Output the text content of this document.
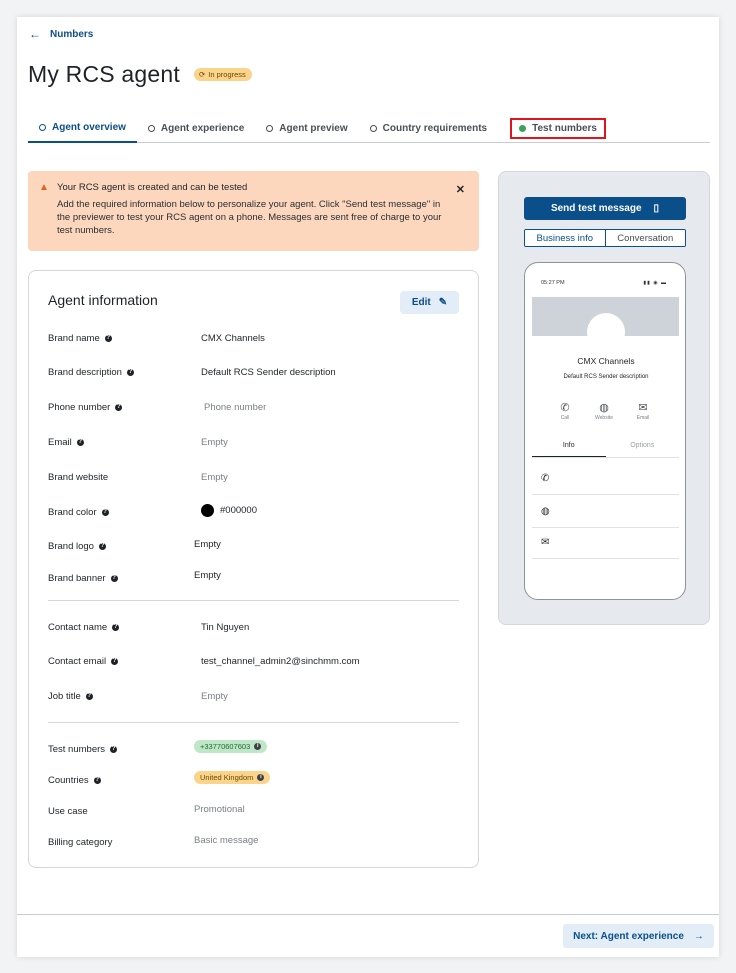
← Numbers
My RCS agent	⟳ In progress
Agent overview	Agent experience	Agent preview	Country requirements	Test numbers
▲ Your RCS agent is created and can be tested
Add the required information below to personalize your agent. Click "Send test message" in the previewer to test your RCS agent on a phone. Messages are sent free of charge to your test numbers.
✕
Agent information	Edit ✎
Brand name ?	CMX Channels
Brand description ?	Default RCS Sender description
Phone number ?	Phone number
Email ?	Empty
Brand website	Empty
Brand color ?	#000000
Brand logo ?	Empty
Brand banner ?	Empty
Contact name ?	Tin Nguyen
Contact email ?	test_channel_admin2@sinchmm.com
Job title ?	Empty
Test numbers ?	+33770607603	i
Countries ?	United Kingdom	i
Use case	Promotional
Billing category	Basic message
Send test message ▯
Business info	Conversation
05:27 PM	▮▮ ◉ ▬
CMX Channels
Default RCS Sender description
✆
Call
◍
Website
✉
Email
Info	Options
✆
◍
✉
Next: Agent experience →
